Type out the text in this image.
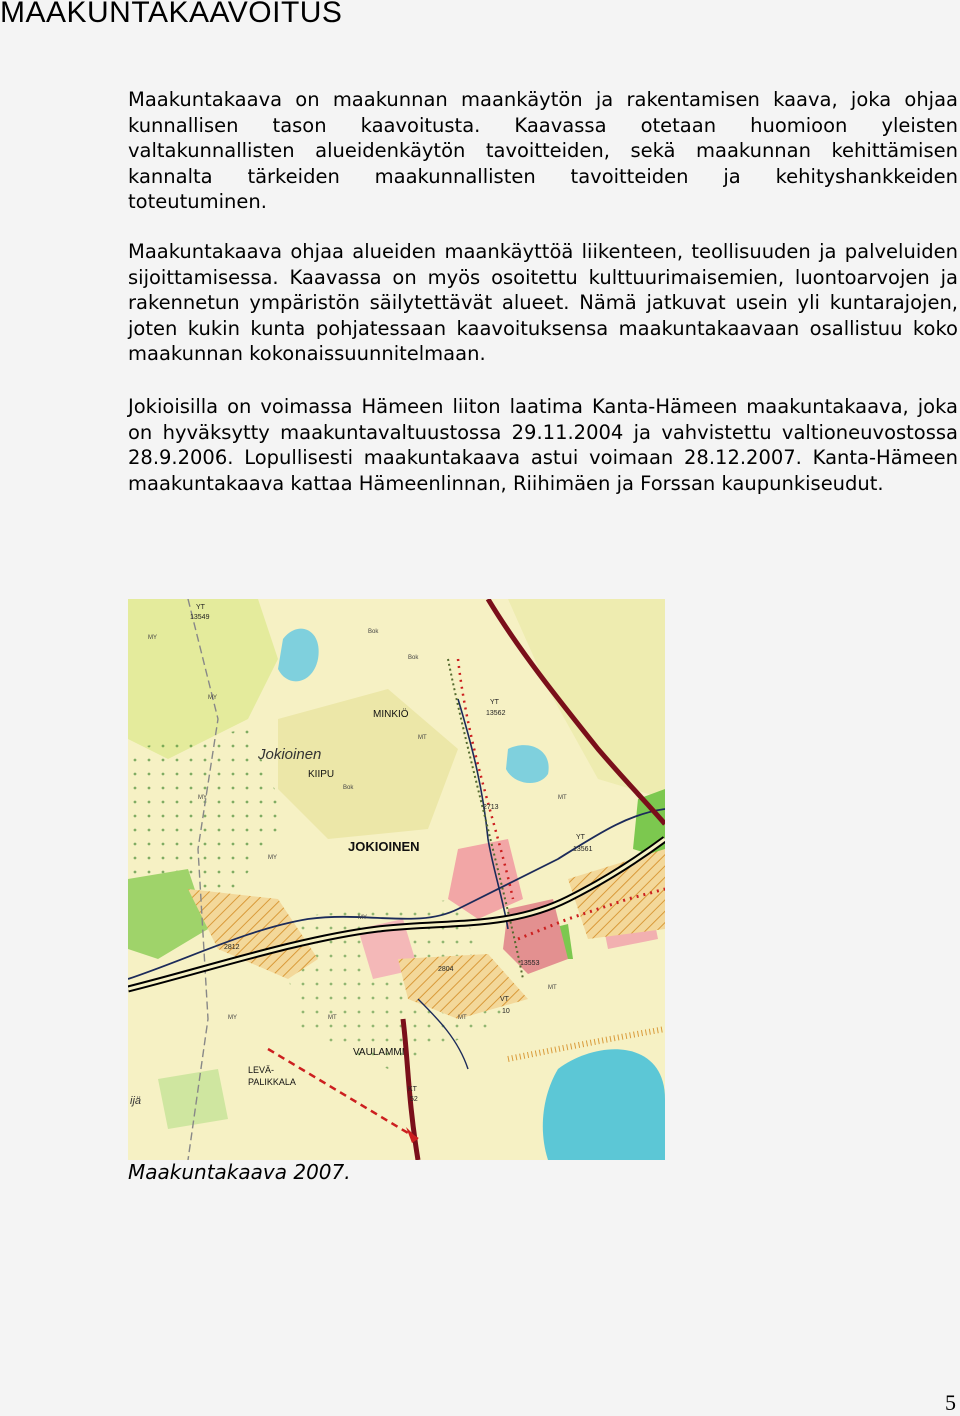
MAAKUNTAKAAVOITUS

Maakuntakaava on maakunnan maankäytön ja rakentamisen kaava, joka ohjaa kunnallisen tason kaavoitusta. Kaavassa otetaan huomioon yleisten valtakunnallisten alueidenkäytön tavoitteiden, sekä maakunnan kehittämisen kannalta tärkeiden maakunnallisten tavoitteiden ja kehityshankkeiden toteutuminen.

Maakuntakaava ohjaa alueiden maankäyttöä liikenteen, teollisuuden ja palveluiden sijoittamisessa. Kaavassa on myös osoitettu kulttuurimaisemien, luontoarvojen ja rakennetun ympäristön säilytettävät alueet. Nämä jatkuvat usein yli kuntarajojen, joten kukin kunta pohjatessaan kaavoituksensa maakuntakaavaan osallistuu koko maakunnan kokonaissuunnitelmaan.

Jokioisilla on voimassa Hämeen liiton laatima Kanta-Hämeen maakuntakaava, joka on hyväksytty maakuntavaltuustossa 29.11.2004 ja vahvistettu valtioneuvostossa 28.9.2006. Lopullisesti maakuntakaava astui voimaan 28.12.2007. Kanta-Hämeen maakuntakaava kattaa Hämeenlinnan, Riihimäen ja Forssan kaupunkiseudut.

Jokioinen
JOKIOINEN
KIIPU
MINKIÖ
VAULAMMI
LEVÄ-
PALIKKALA
ijä
YT
13549
YT
13562
2713
YT
13561
13553
2812
2804
VT
10
KT
52
MY
MT
Bok
MY
Bok
MY
MT
MY
MT
Bok
MT
MY
MT
MY

Maakuntakaava 2007.

5
